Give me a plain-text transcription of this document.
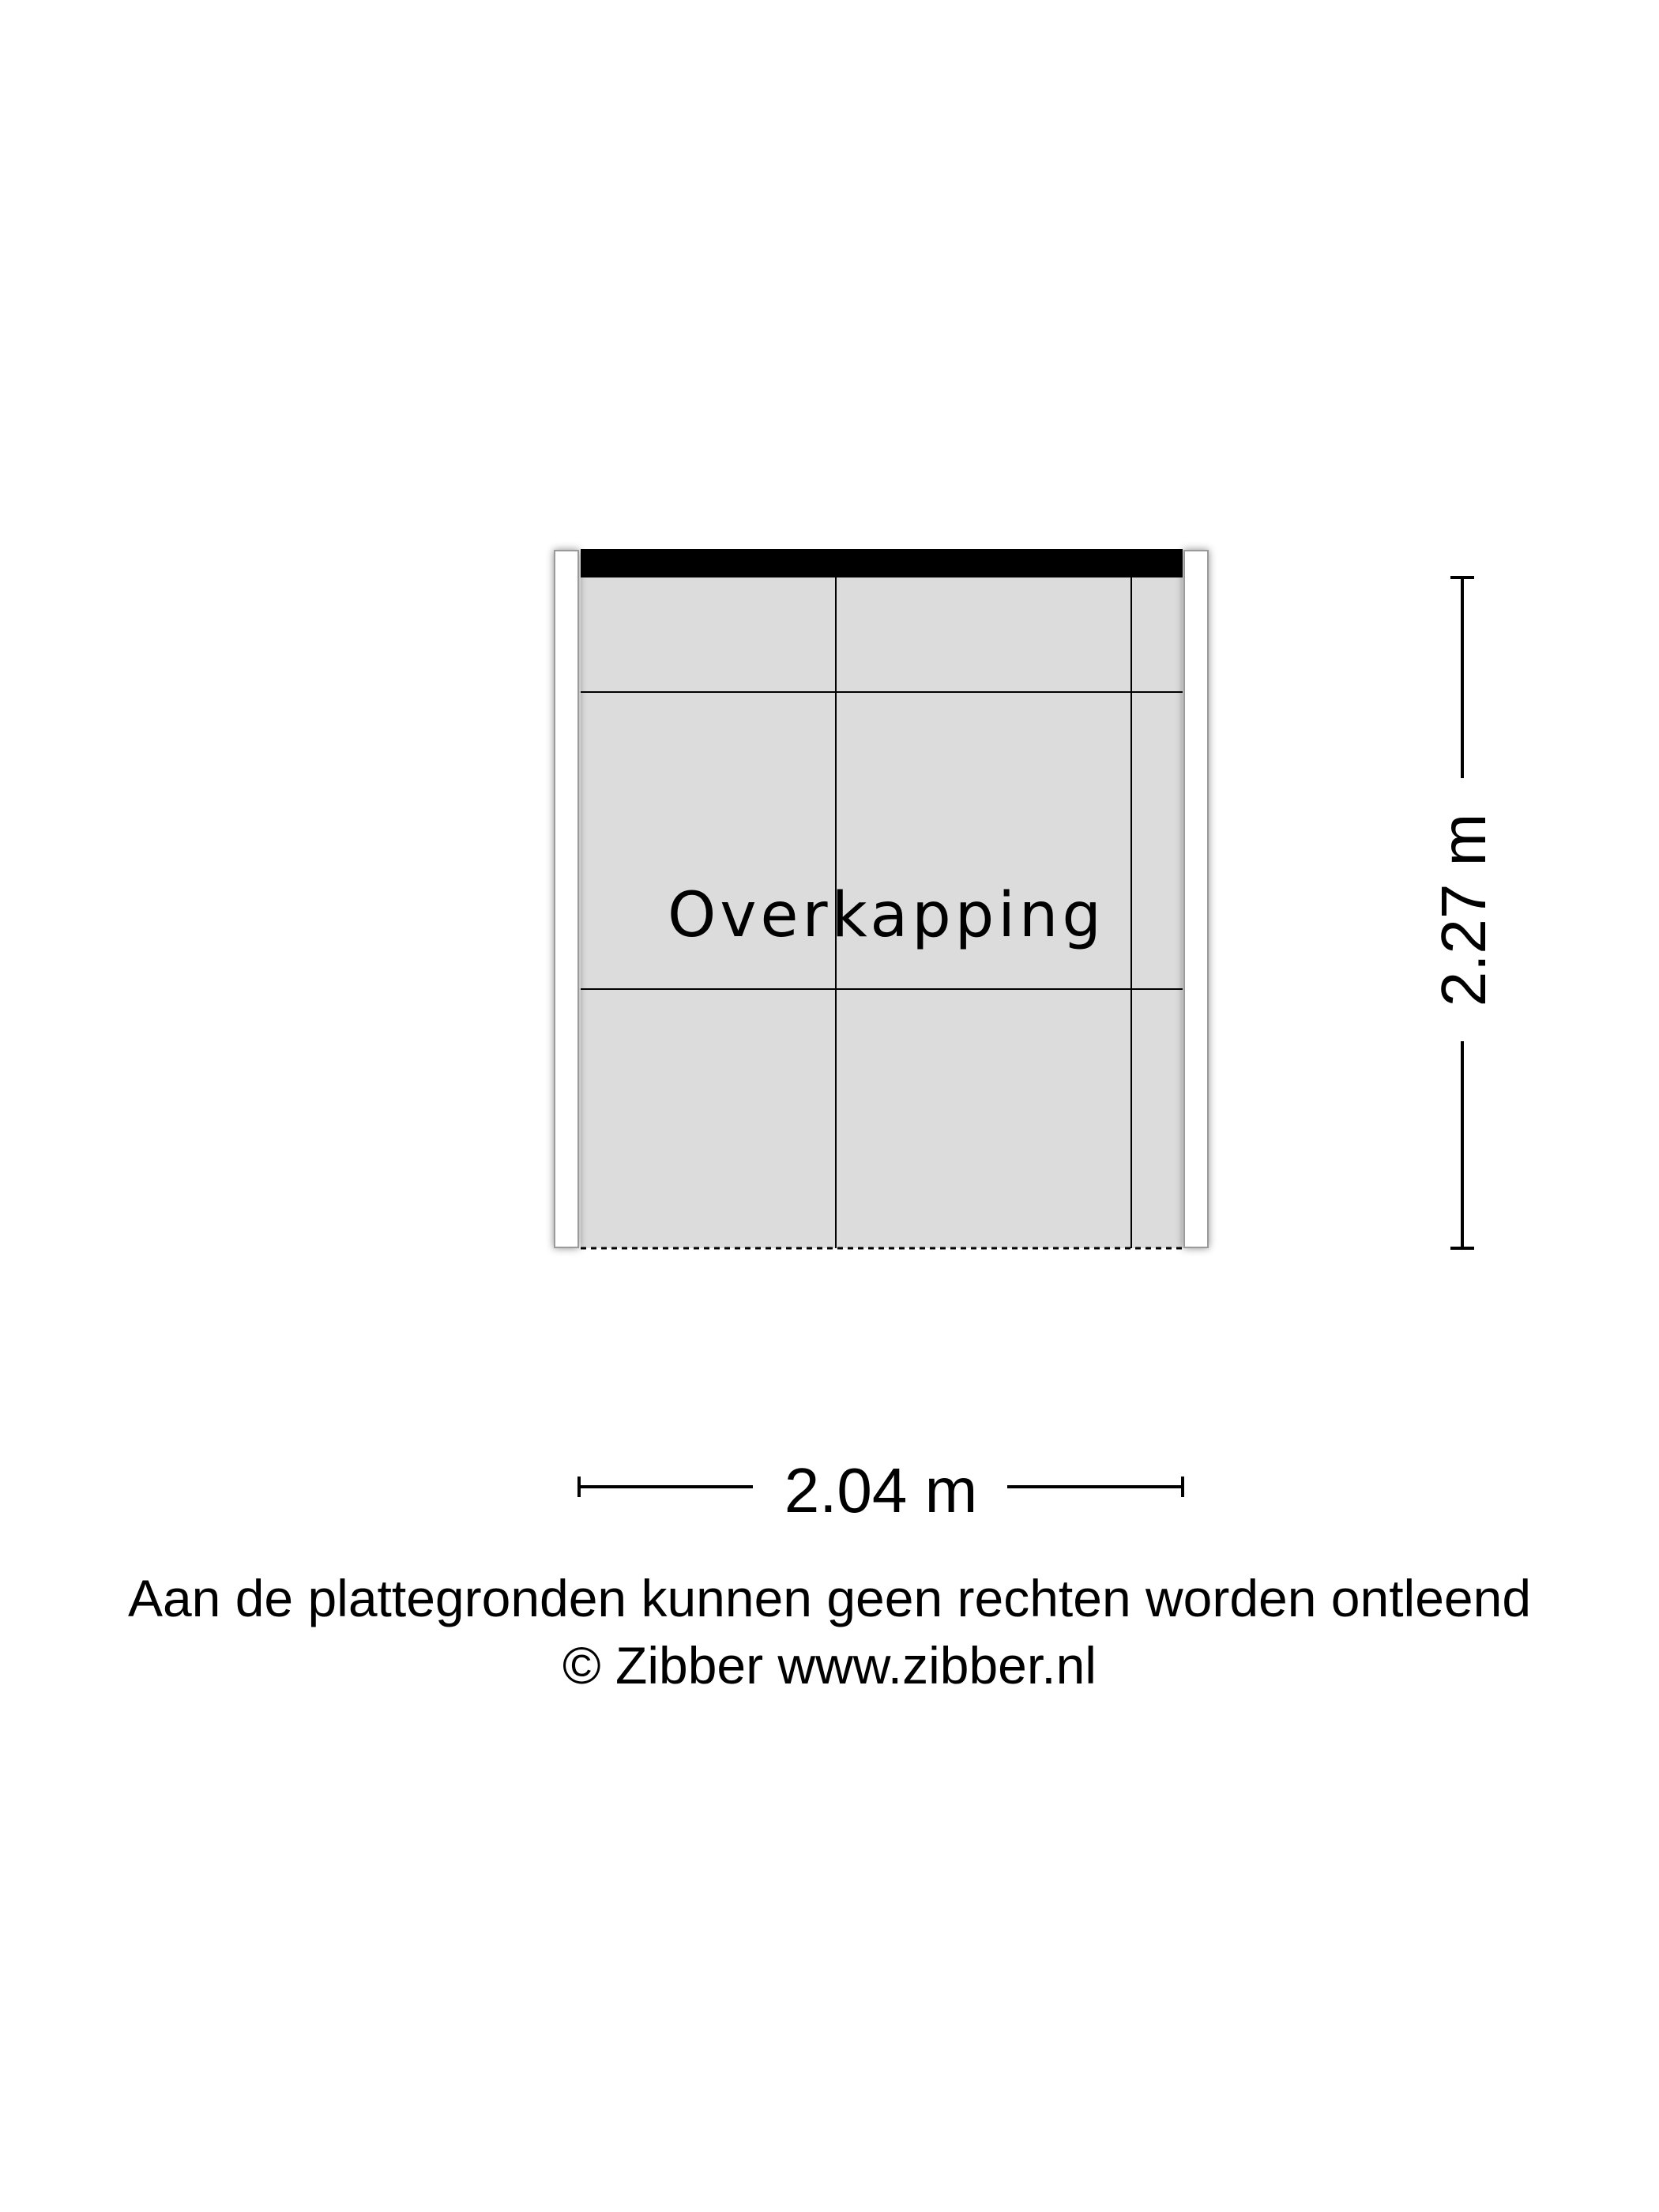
Overkapping	2.27 m
2.04 m
Aan de plattegronden kunnen geen rechten worden ontleend
© Zibber www.zibber.nl
